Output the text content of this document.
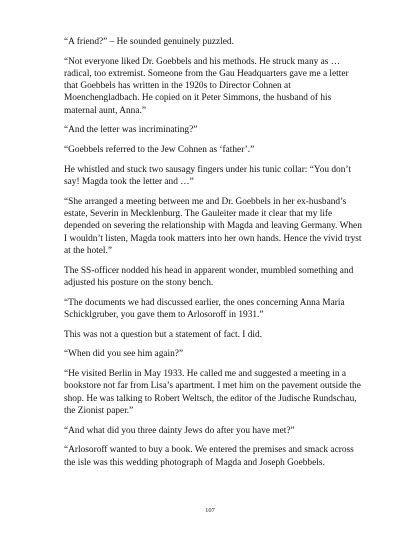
“A friend?” – He sounded genuinely puzzled.

“Not everyone liked Dr. Goebbels and his methods. He struck many as … radical, too extremist. Someone from the Gau Headquarters gave me a letter that Goebbels has written in the 1920s to Director Cohnen at Moenchengladbach. He copied on it Peter Simmons, the husband of his maternal aunt, Anna.”

“And the letter was incriminating?”

“Goebbels referred to the Jew Cohnen as ‘father’.”

He whistled and stuck two sausagy fingers under his tunic collar: “You don’t say! Magda took the letter and …”

“She arranged a meeting between me and Dr. Goebbels in her ex-husband’s estate, Severin in Mecklenburg. The Gauleiter made it clear that my life depended on severing the relationship with Magda and leaving Germany. When I wouldn’t listen, Magda took matters into her own hands. Hence the vivid tryst at the hotel.”

The SS-officer nodded his head in apparent wonder, mumbled something and adjusted his posture on the stony bench.

“The documents we had discussed earlier, the ones concerning Anna Maria Schicklgruber, you gave them to Arlosoroff in 1931.”

This was not a question but a statement of fact. I did.

“When did you see him again?”

“He visited Berlin in May 1933. He called me and suggested a meeting in a bookstore not far from Lisa’s apartment. I met him on the pavement outside the shop. He was talking to Robert Weltsch, the editor of the Judische Rundschau, the Zionist paper.”

“And what did you three dainty Jews do after you have met?”

“Arlosoroff wanted to buy a book. We entered the premises and smack across the isle was this wedding photograph of Magda and Joseph Goebbels.

107
